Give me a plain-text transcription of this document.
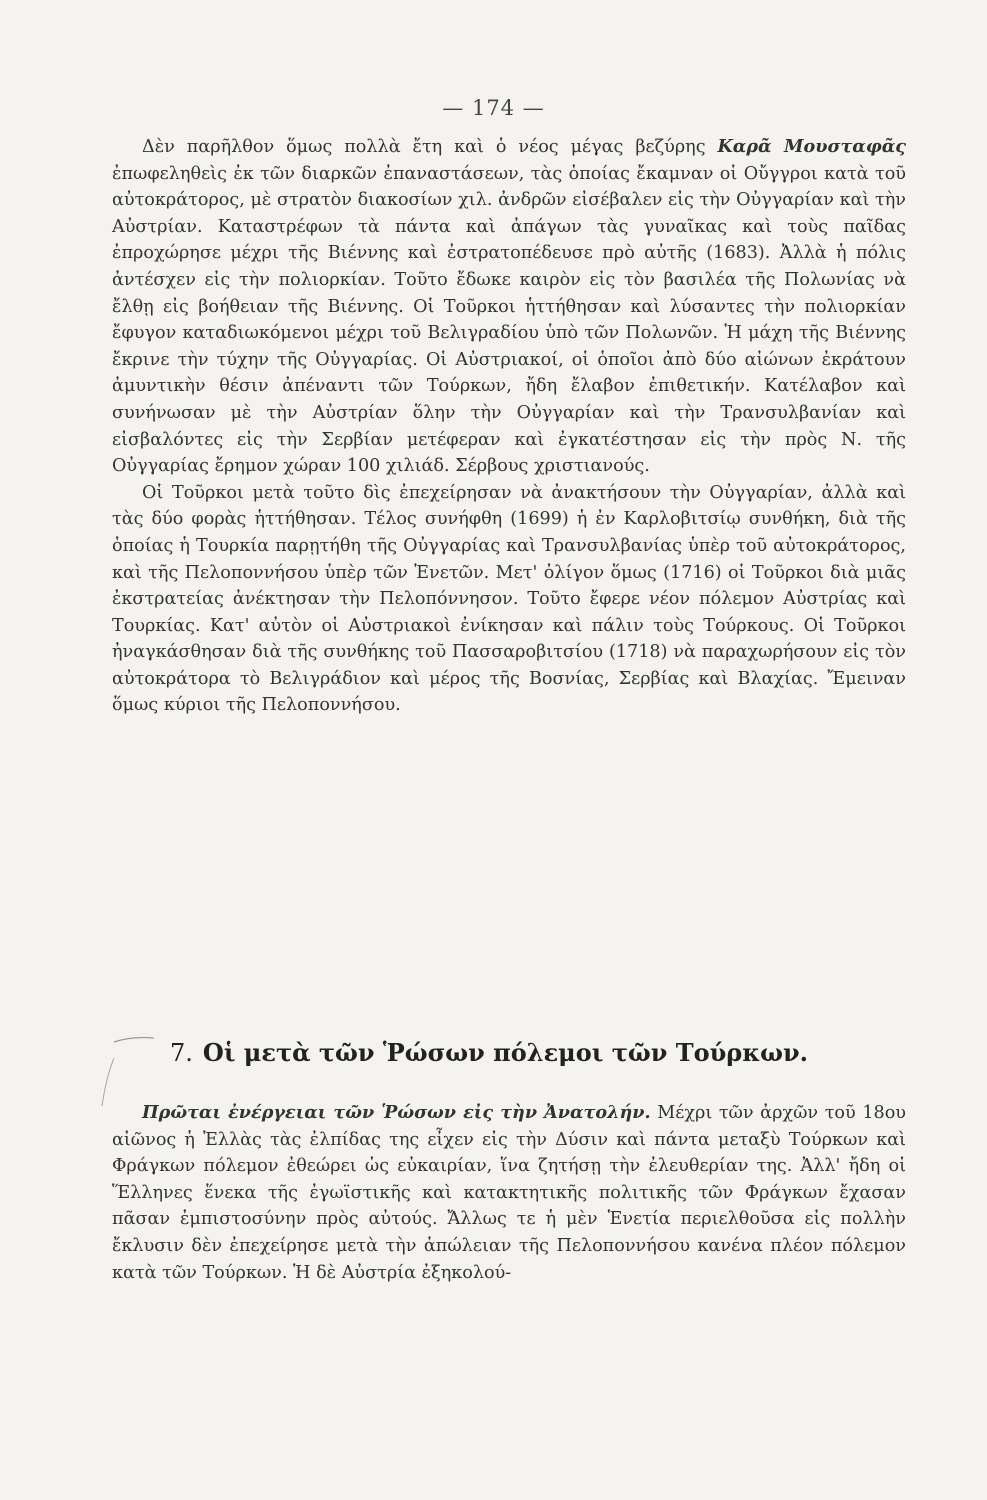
— 174 —

Δὲν παρῆλθον ὅμως πολλὰ ἔτη καὶ ὁ νέος μέγας βεζύρης Καρᾶ Μουσταφᾶς ἐπωφεληθεὶς ἐκ τῶν διαρκῶν ἐπαναστάσεων, τὰς ὁποίας ἔκαμναν οἱ Οὔγγροι κατὰ τοῦ αὐτοκράτορος, μὲ στρατὸν διακοσίων χιλ. ἀνδρῶν εἰσέβαλεν εἰς τὴν Οὐγγαρίαν καὶ τὴν Αὐστρίαν. Καταστρέφων τὰ πάντα καὶ ἀπάγων τὰς γυναῖκας καὶ τοὺς παῖδας ἐπροχώρησε μέχρι τῆς Βιέννης καὶ ἐστρατοπέδευσε πρὸ αὐτῆς (1683). Ἀλλὰ ἡ πόλις ἀντέσχεν εἰς τὴν πολιορκίαν. Τοῦτο ἔδωκε καιρὸν εἰς τὸν βασιλέα τῆς Πολωνίας νὰ ἔλθῃ εἰς βοήθειαν τῆς Βιέννης. Οἱ Τοῦρκοι ἡττήθησαν καὶ λύσαντες τὴν πολιορκίαν ἔφυγον καταδιωκόμενοι μέχρι τοῦ Βελιγραδίου ὑπὸ τῶν Πολωνῶν. Ἡ μάχη τῆς Βιέννης ἔκρινε τὴν τύχην τῆς Οὐγγαρίας. Οἱ Αὐστριακοί, οἱ ὁποῖοι ἀπὸ δύο αἰώνων ἐκράτουν ἀμυντικὴν θέσιν ἀπέναντι τῶν Τούρκων, ἤδη ἔλαβον ἐπιθετικήν. Κατέλαβον καὶ συνήνωσαν μὲ τὴν Αὐστρίαν ὅλην τὴν Οὐγγαρίαν καὶ τὴν Τρανσυλβανίαν καὶ εἰσβαλόντες εἰς τὴν Σερβίαν μετέφεραν καὶ ἐγκατέστησαν εἰς τὴν πρὸς Ν. τῆς Οὐγγαρίας ἔρημον χώραν 100 χιλιάδ. Σέρβους χριστιανούς.

Οἱ Τοῦρκοι μετὰ τοῦτο δὶς ἐπεχείρησαν νὰ ἀνακτήσουν τὴν Οὐγγαρίαν, ἀλλὰ καὶ τὰς δύο φορὰς ἡττήθησαν. Τέλος συνήφθη (1699) ἡ ἐν Καρλοβιτσίῳ συνθήκη, διὰ τῆς ὁποίας ἡ Τουρκία παρῃτήθη τῆς Οὐγγαρίας καὶ Τρανσυλβανίας ὑπὲρ τοῦ αὐτοκράτορος, καὶ τῆς Πελοποννήσου ὑπὲρ τῶν Ἑνετῶν. Μετ' ὀλίγον ὅμως (1716) οἱ Τοῦρκοι διὰ μιᾶς ἐκστρατείας ἀνέκτησαν τὴν Πελοπόννησον. Τοῦτο ἔφερε νέον πόλεμον Αὐστρίας καὶ Τουρκίας. Κατ' αὐτὸν οἱ Αὐστριακοὶ ἐνίκησαν καὶ πάλιν τοὺς Τούρκους. Οἱ Τοῦρκοι ἠναγκάσθησαν διὰ τῆς συνθήκης τοῦ Πασσαροβιτσίου (1718) νὰ παραχωρήσουν εἰς τὸν αὐτοκράτορα τὸ Βελιγράδιον καὶ μέρος τῆς Βοσνίας, Σερβίας καὶ Βλαχίας. Ἔμειναν ὅμως κύριοι τῆς Πελοποννήσου.

7. Οἱ μετὰ τῶν Ῥώσων πόλεμοι τῶν Τούρκων.

Πρῶται ἐνέργειαι τῶν Ῥώσων εἰς τὴν Ἀνατολήν. Μέχρι τῶν ἀρχῶν τοῦ 18ου αἰῶνος ἡ Ἑλλὰς τὰς ἐλπίδας της εἶχεν εἰς τὴν Δύσιν καὶ πάντα μεταξὺ Τούρκων καὶ Φράγκων πόλεμον ἐθεώρει ὡς εὐκαιρίαν, ἵνα ζητήσῃ τὴν ἐλευθερίαν της. Ἀλλ' ἤδη οἱ Ἕλληνες ἕνεκα τῆς ἐγωϊστικῆς καὶ κατακτητικῆς πολιτικῆς τῶν Φράγκων ἔχασαν πᾶσαν ἐμπιστοσύνην πρὸς αὐτούς. Ἄλλως τε ἡ μὲν Ἑνετία περιελθοῦσα εἰς πολλὴν ἔκλυσιν δὲν ἐπεχείρησε μετὰ τὴν ἀπώλειαν τῆς Πελοποννήσου κανένα πλέον πόλεμον κατὰ τῶν Τούρκων. Ἡ δὲ Αὐστρία ἐξηκολού-
